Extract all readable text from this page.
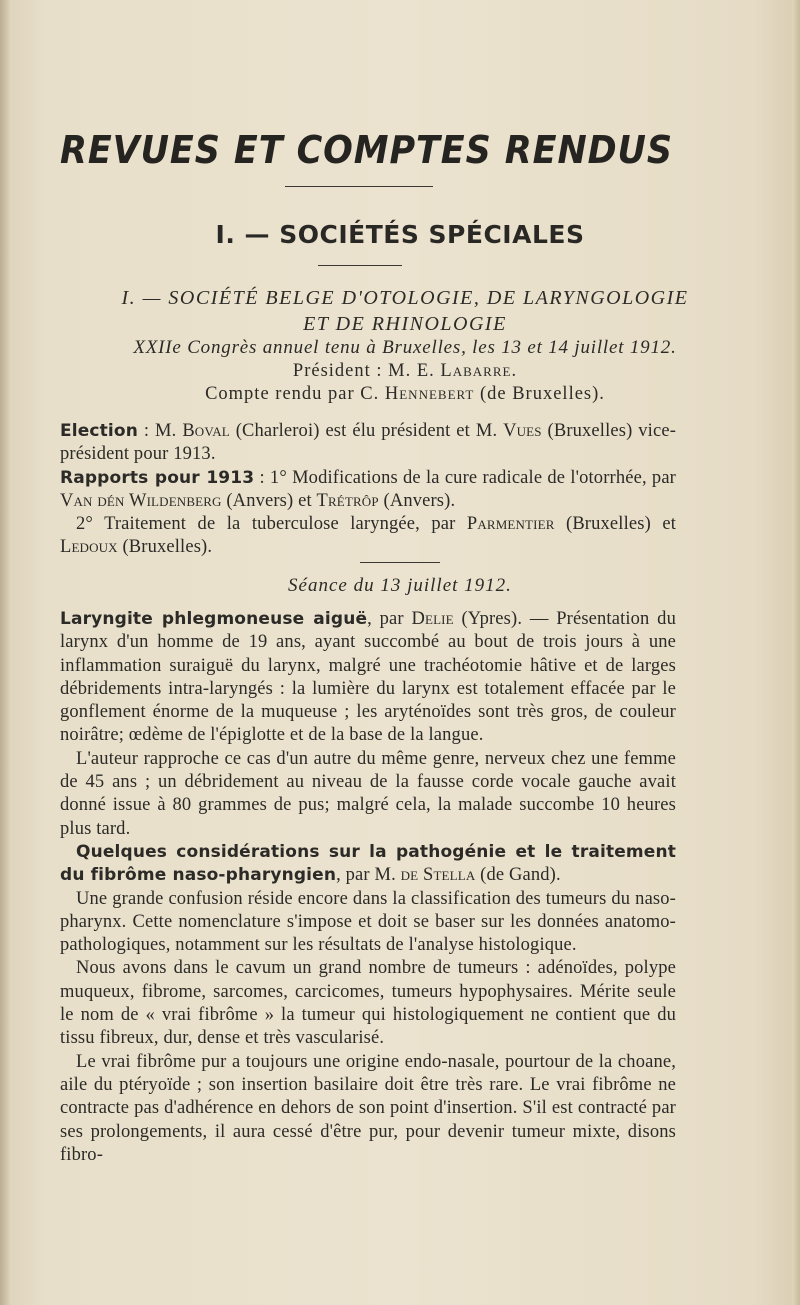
REVUES ET COMPTES RENDUS
I. — SOCIÉTÉS SPÉCIALES
I. — SOCIÉTÉ BELGE D'OTOLOGIE, DE LARYNGOLOGIE
ET DE RHINOLOGIE
XXIIe Congrès annuel tenu à Bruxelles, les 13 et 14 juillet 1912.
Président : M. E. Labarre.
Compte rendu par C. Hennebert (de Bruxelles).

Election : M. Boval (Charleroi) est élu président et M. Vues (Bruxelles) vice-président pour 1913.

Rapports pour 1913 : 1° Modifications de la cure radicale de l'otorrhée, par Van dén Wildenberg (Anvers) et Trétrôp (Anvers).

2° Traitement de la tuberculose laryngée, par Parmentier (Bruxelles) et Ledoux (Bruxelles).

Séance du 13 juillet 1912.

Laryngite phlegmoneuse aiguë, par Delie (Ypres). — Présentation du larynx d'un homme de 19 ans, ayant succombé au bout de trois jours à une inflammation suraiguë du larynx, malgré une trachéotomie hâtive et de larges débridements intra-laryngés : la lumière du larynx est totalement effacée par le gonflement énorme de la muqueuse ; les aryténoïdes sont très gros, de couleur noirâtre; œdème de l'épiglotte et de la base de la langue.

L'auteur rapproche ce cas d'un autre du même genre, nerveux chez une femme de 45 ans ; un débridement au niveau de la fausse corde vocale gauche avait donné issue à 80 grammes de pus; malgré cela, la malade succombe 10 heures plus tard.

Quelques considérations sur la pathogénie et le traitement du fibrôme naso-pharyngien, par M. de Stella (de Gand).

Une grande confusion réside encore dans la classification des tumeurs du naso-pharynx. Cette nomenclature s'impose et doit se baser sur les données anatomo-pathologiques, notamment sur les résultats de l'analyse histologique.

Nous avons dans le cavum un grand nombre de tumeurs : adénoïdes, polype muqueux, fibrome, sarcomes, carcicomes, tumeurs hypophysaires. Mérite seule le nom de « vrai fibrôme » la tumeur qui histologiquement ne contient que du tissu fibreux, dur, dense et très vascularisé.

Le vrai fibrôme pur a toujours une origine endo-nasale, pourtour de la choane, aile du ptéryoïde ; son insertion basilaire doit être très rare. Le vrai fibrôme ne contracte pas d'adhérence en dehors de son point d'insertion. S'il est contracté par ses prolongements, il aura cessé d'être pur, pour devenir tumeur mixte, disons fibro-
